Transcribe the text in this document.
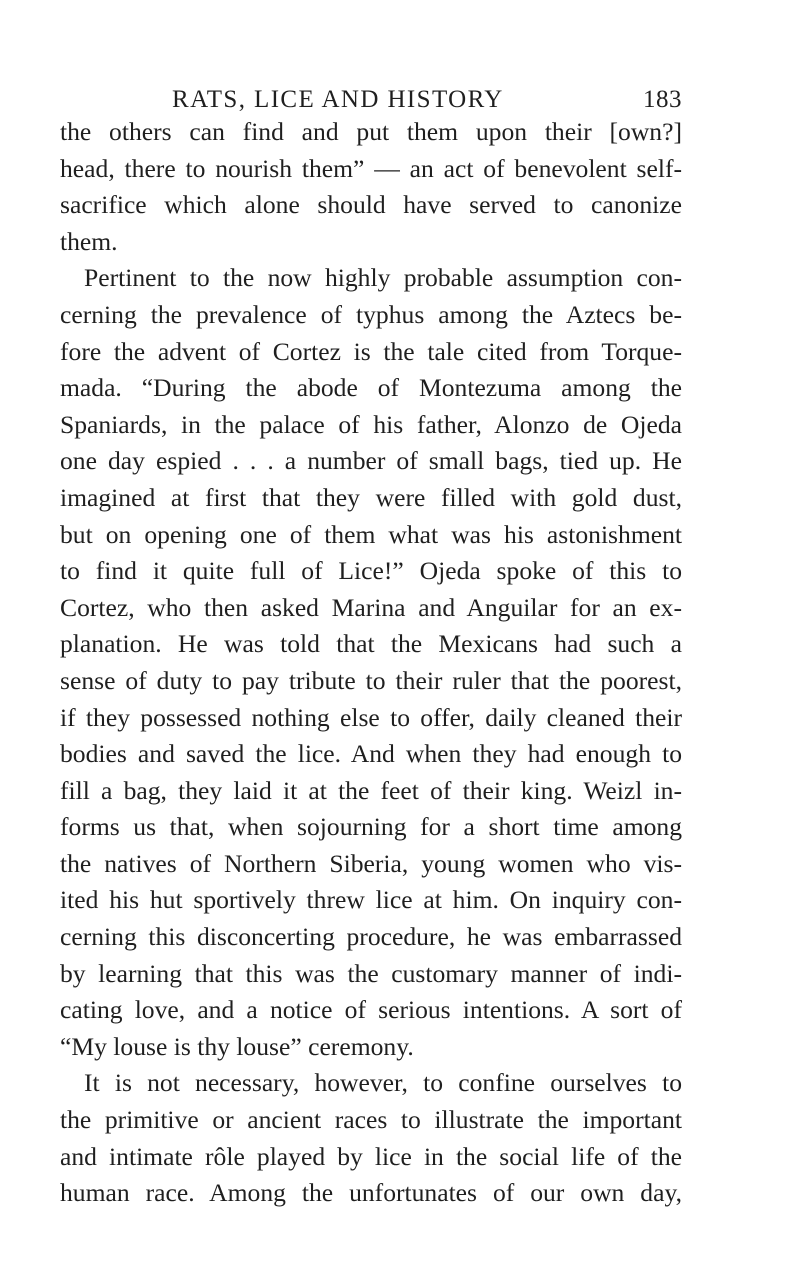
RATS, LICE AND HISTORY	183
the others can find and put them upon their [own?]
head, there to nourish them” — an act of benevolent self-
sacrifice which alone should have served to canonize
them.
Pertinent to the now highly probable assumption con-
cerning the prevalence of typhus among the Aztecs be-
fore the advent of Cortez is the tale cited from Torque-
mada. “During the abode of Montezuma among the
Spaniards, in the palace of his father, Alonzo de Ojeda
one day espied . . . a number of small bags, tied up. He
imagined at first that they were filled with gold dust,
but on opening one of them what was his astonishment
to find it quite full of Lice!” Ojeda spoke of this to
Cortez, who then asked Marina and Anguilar for an ex-
planation. He was told that the Mexicans had such a
sense of duty to pay tribute to their ruler that the poorest,
if they possessed nothing else to offer, daily cleaned their
bodies and saved the lice. And when they had enough to
fill a bag, they laid it at the feet of their king. Weizl in-
forms us that, when sojourning for a short time among
the natives of Northern Siberia, young women who vis-
ited his hut sportively threw lice at him. On inquiry con-
cerning this disconcerting procedure, he was embarrassed
by learning that this was the customary manner of indi-
cating love, and a notice of serious intentions. A sort of
“My louse is thy louse” ceremony.
It is not necessary, however, to confine ourselves to
the primitive or ancient races to illustrate the important
and intimate rôle played by lice in the social life of the
human race. Among the unfortunates of our own day,
